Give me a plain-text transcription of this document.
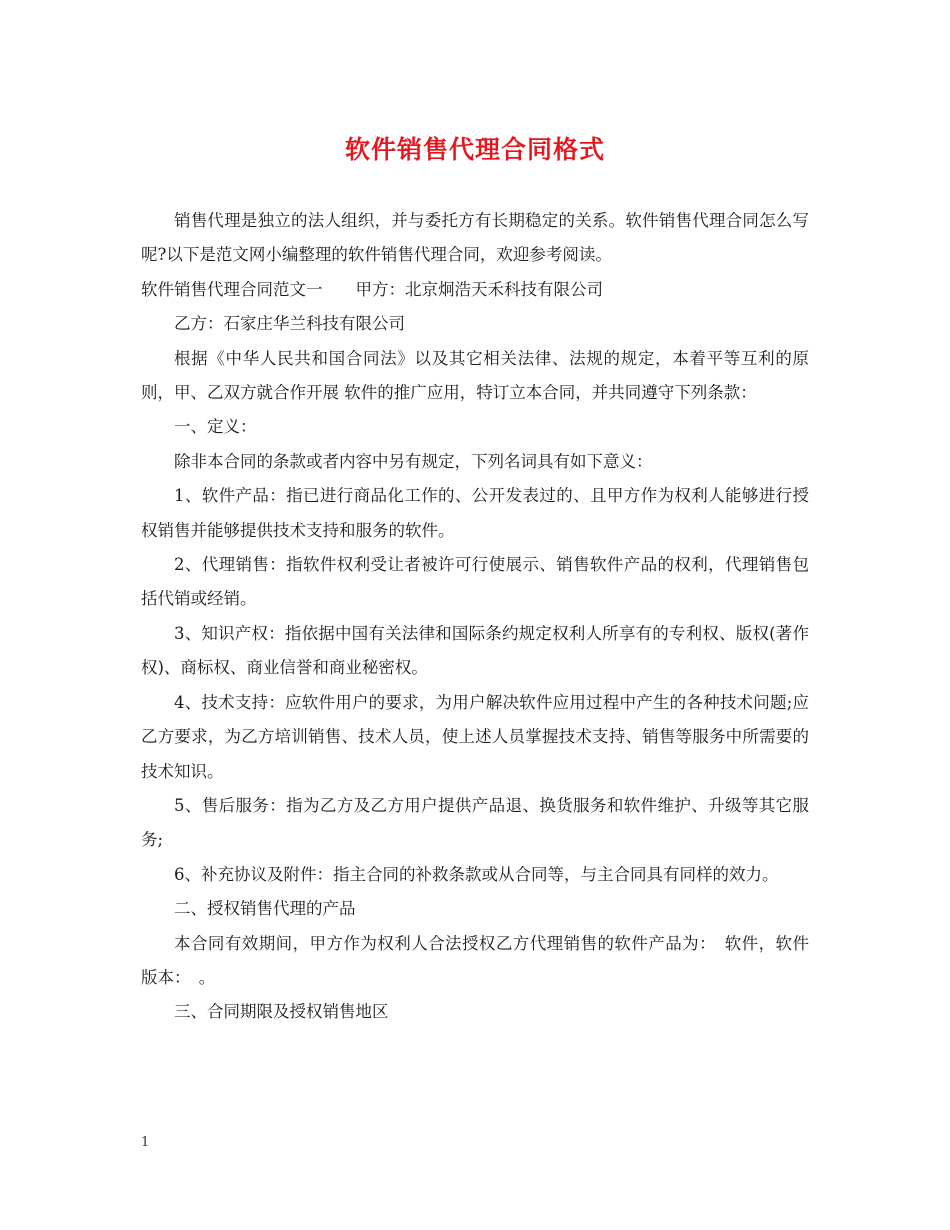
软件销售代理合同格式

销售代理是独立的法人组织，并与委托方有长期稳定的关系。软件销售代理合同怎么写呢?以下是范文网小编整理的软件销售代理合同，欢迎参考阅读。

软件销售代理合同范文一　　甲方：北京炯浩天禾科技有限公司

乙方：石家庄华兰科技有限公司

根据《中华人民共和国合同法》以及其它相关法律、法规的规定，本着平等互利的原则，甲、乙双方就合作开展 软件的推广应用，特订立本合同，并共同遵守下列条款：

一、定义：

除非本合同的条款或者内容中另有规定，下列名词具有如下意义：

1、软件产品：指已进行商品化工作的、公开发表过的、且甲方作为权利人能够进行授权销售并能够提供技术支持和服务的软件。

2、代理销售：指软件权利受让者被许可行使展示、销售软件产品的权利，代理销售包括代销或经销。

3、知识产权：指依据中国有关法律和国际条约规定权利人所享有的专利权、版权(著作权)、商标权、商业信誉和商业秘密权。

4、技术支持：应软件用户的要求，为用户解决软件应用过程中产生的各种技术问题;应乙方要求，为乙方培训销售、技术人员，使上述人员掌握技术支持、销售等服务中所需要的技术知识。

5、售后服务：指为乙方及乙方用户提供产品退、换货服务和软件维护、升级等其它服务;

6、补充协议及附件：指主合同的补救条款或从合同等，与主合同具有同样的效力。

二、授权销售代理的产品

本合同有效期间，甲方作为权利人合法授权乙方代理销售的软件产品为：　软件，软件版本：　。

三、合同期限及授权销售地区

1
